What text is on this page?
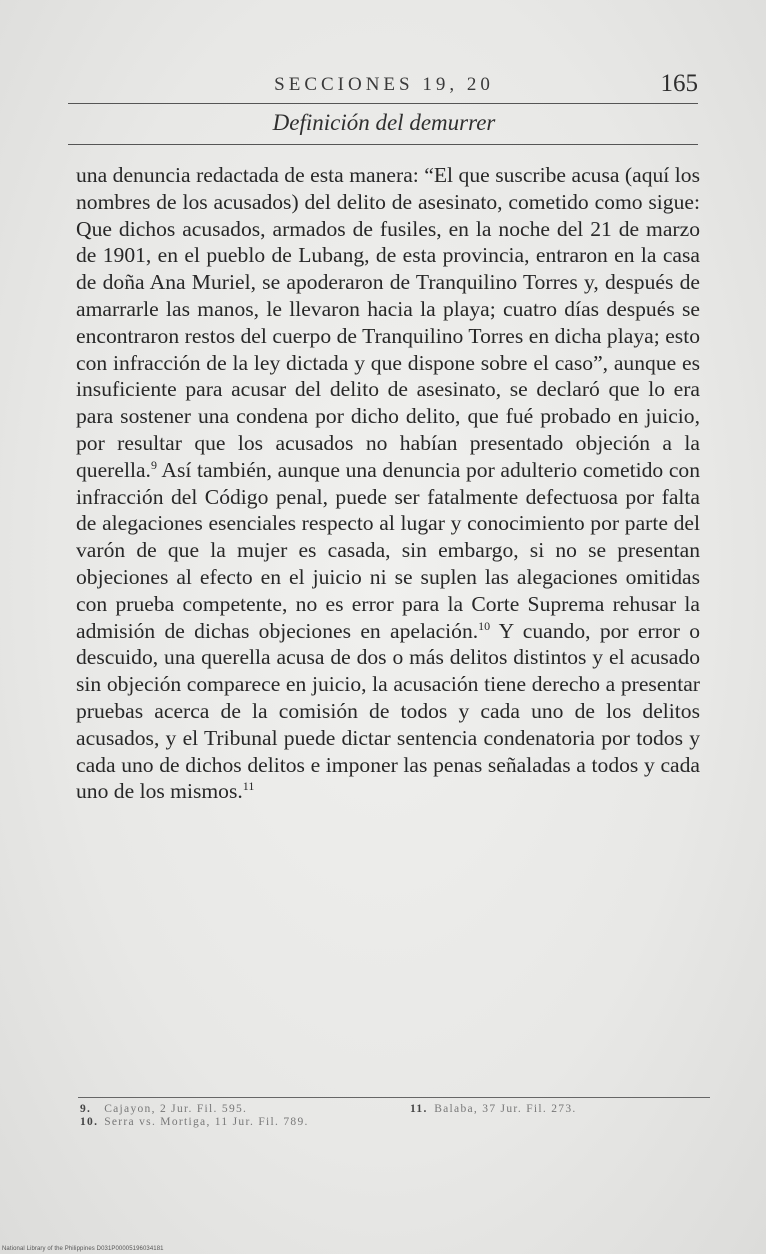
SECCIONES 19, 20	165
Definición del demurrer

una denuncia redactada de esta manera: “El que suscribe acusa (aquí los nombres de los acusados) del delito de asesinato, cometido como sigue: Que dichos acusados, armados de fusiles, en la noche del 21 de marzo de 1901, en el pueblo de Lubang, de esta provincia, entraron en la casa de doña Ana Muriel, se apoderaron de Tranquilino Torres y, después de amarrarle las manos, le llevaron hacia la playa; cuatro días después se encontraron restos del cuerpo de Tranquilino Torres en dicha playa; esto con infracción de la ley dictada y que dispone sobre el caso”, aunque es insuficiente para acusar del delito de asesinato, se declaró que lo era para sostener una condena por dicho delito, que fué probado en juicio, por resultar que los acusados no habían presentado objeción a la querella.$^9$ Así también, aunque una denuncia por adulterio cometido con infracción del Código penal, puede ser fatalmente defectuosa por falta de alegaciones esenciales respecto al lugar y conocimiento por parte del varón de que la mujer es casada, sin embargo, si no se presentan objeciones al efecto en el juicio ni se suplen las alegaciones omitidas con prueba competente, no es error para la Corte Suprema rehusar la admisión de dichas objeciones en apelación.$^{10}$ Y cuando, por error o descuido, una querella acusa de dos o más delitos distintos y el acusado sin objeción comparece en juicio, la acusación tiene derecho a presentar pruebas acerca de la comisión de todos y cada uno de los delitos acusados, y el Tribunal puede dictar sentencia condenatoria por todos y cada uno de dichos delitos e imponer las penas señaladas a todos y cada uno de los mismos.$^{11}$

9. Cajayon, 2 Jur. Fil. 595.
10. Serra vs. Mortiga, 11 Jur. Fil. 789.
11. Balaba, 37 Jur. Fil. 273.
National Library of the Philippines D031P00005196034181
